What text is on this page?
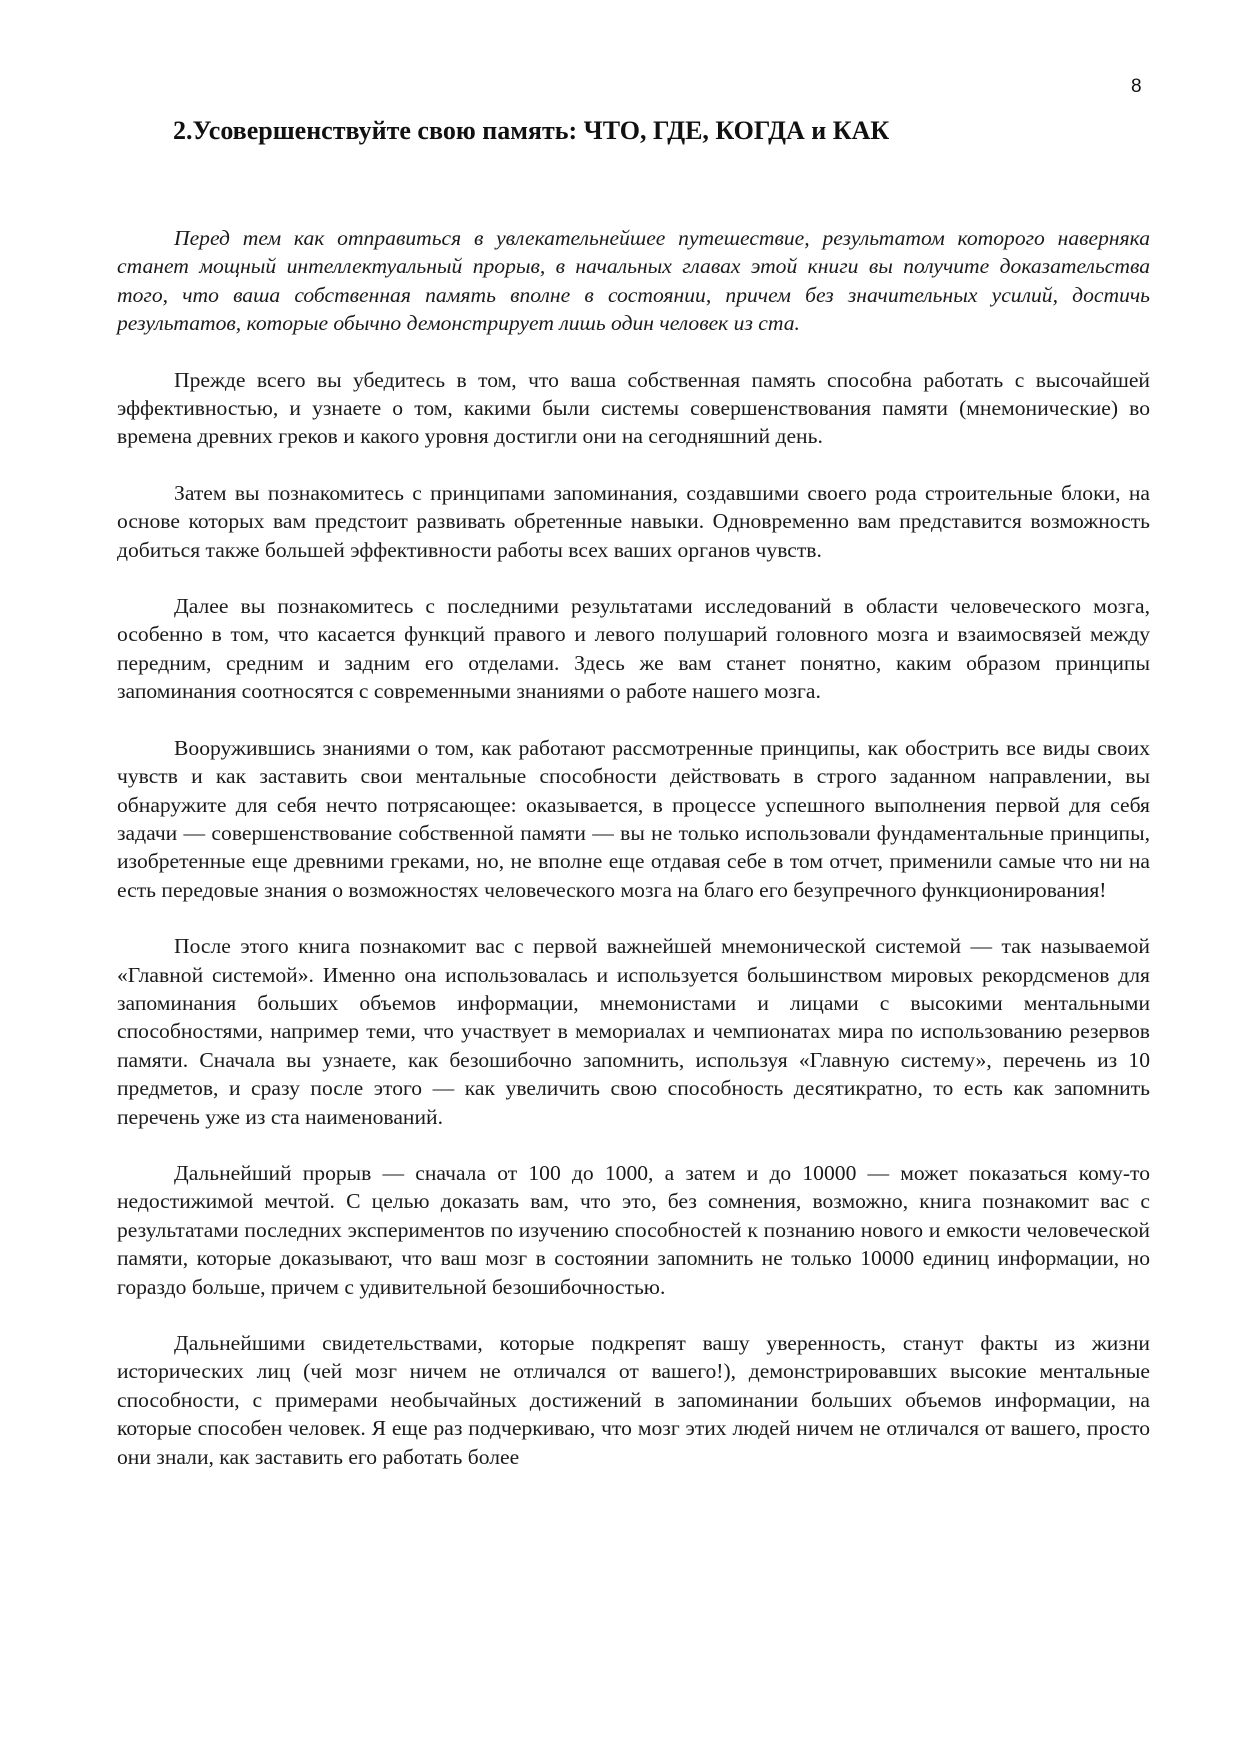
8
2.Усовершенствуйте свою память: ЧТО, ГДЕ, КОГДА и КАК

Перед тем как отправиться в увлекательнейшее путешествие, результатом которого наверняка станет мощный интеллектуальный прорыв, в начальных главах этой книги вы получите доказательства того, что ваша собственная память вполне в состоянии, причем без значительных усилий, достичь результатов, которые обычно демонстрирует лишь один человек из ста.

Прежде всего вы убедитесь в том, что ваша собственная память способна работать с высочайшей эффективностью, и узнаете о том, какими были системы совершенствования памяти (мнемонические) во времена древних греков и какого уровня достигли они на сегодняшний день.

Затем вы познакомитесь с принципами запоминания, создавшими своего рода строительные блоки, на основе которых вам предстоит развивать обретенные навыки. Одновременно вам представится возможность добиться также большей эффективности работы всех ваших органов чувств.

Далее вы познакомитесь с последними результатами исследований в области человеческого мозга, особенно в том, что касается функций правого и левого полушарий головного мозга и взаимосвязей между передним, средним и задним его отделами. Здесь же вам станет понятно, каким образом принципы запоминания соотносятся с современными знаниями о работе нашего мозга.

Вооружившись знаниями о том, как работают рассмотренные принципы, как обострить все виды своих чувств и как заставить свои ментальные способности действовать в строго заданном направлении, вы обнаружите для себя нечто потрясающее: оказывается, в процессе успешного выполнения первой для себя задачи — совершенствование собственной памяти — вы не только использовали фундаментальные принципы, изобретенные еще древними греками, но, не вполне еще отдавая себе в том отчет, применили самые что ни на есть передовые знания о возможностях человеческого мозга на благо его безупречного функционирования!

После этого книга познакомит вас с первой важнейшей мнемонической системой — так называемой «Главной системой». Именно она использовалась и используется большинством мировых рекордсменов для запоминания больших объемов информации, мнемонистами и лицами с высокими ментальными способностями, например теми, что участвует в мемориалах и чемпионатах мира по использованию резервов памяти. Сначала вы узнаете, как безошибочно запомнить, используя «Главную систему», перечень из 10 предметов, и сразу после этого — как увеличить свою способность десятикратно, то есть как запомнить перечень уже из ста наименований.

Дальнейший прорыв — сначала от 100 до 1000, а затем и до 10000 — может показаться кому-то недостижимой мечтой. С целью доказать вам, что это, без сомнения, возможно, книга познакомит вас с результатами последних экспериментов по изучению способностей к познанию нового и емкости человеческой памяти, которые доказывают, что ваш мозг в состоянии запомнить не только 10000 единиц информации, но гораздо больше, причем с удивительной безошибочностью.

Дальнейшими свидетельствами, которые подкрепят вашу уверенность, станут факты из жизни исторических лиц (чей мозг ничем не отличался от вашего!), демонстрировавших высокие ментальные способности, с примерами необычайных достижений в запоминании больших объемов информации, на которые способен человек. Я еще раз подчеркиваю, что мозг этих людей ничем не отличался от вашего, просто они знали, как заставить его работать более
